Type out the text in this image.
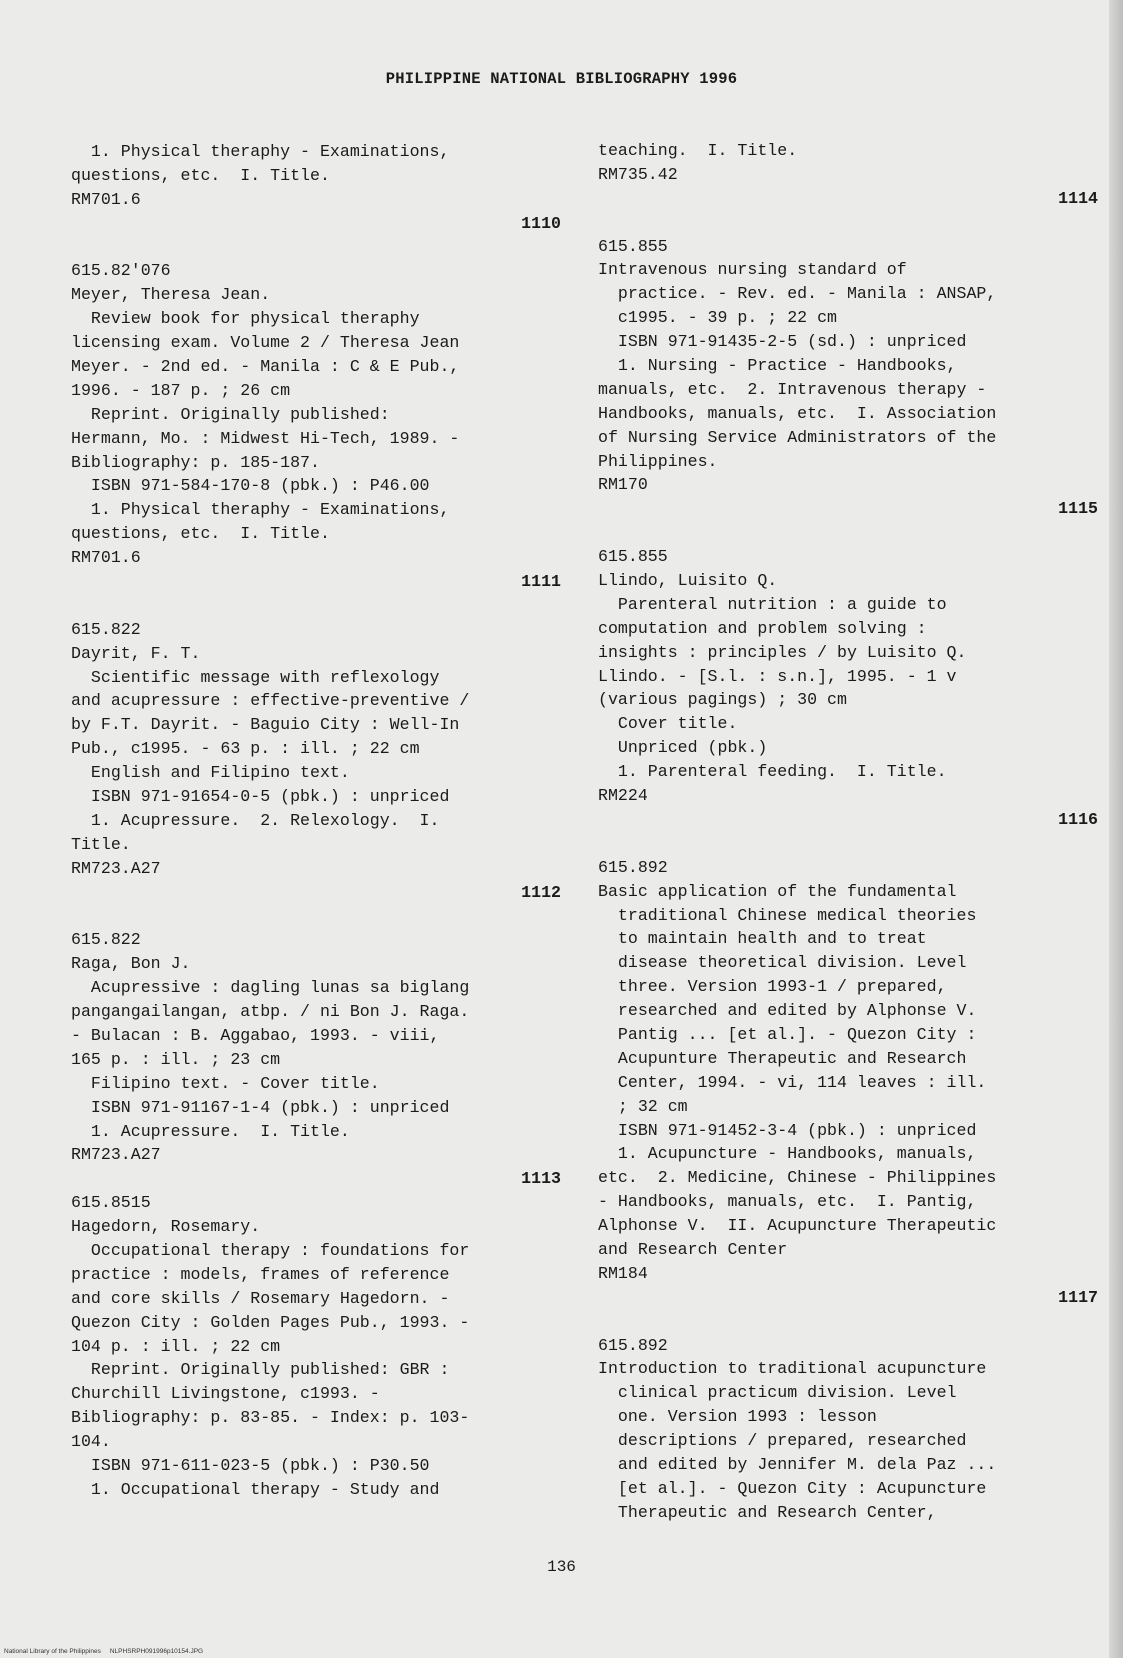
PHILIPPINE NATIONAL BIBLIOGRAPHY 1996
1. Physical theraphy - Examinations,
questions, etc.  I. Title.
RM701.6
1110
615.82'076
Meyer, Theresa Jean.
Review book for physical theraphy
licensing exam. Volume 2 / Theresa Jean
Meyer. - 2nd ed. - Manila : C & E Pub.,
1996. - 187 p. ; 26 cm
Reprint. Originally published:
Hermann, Mo. : Midwest Hi-Tech, 1989. -
Bibliography: p. 185-187.
ISBN 971-584-170-8 (pbk.) : P46.00
1. Physical theraphy - Examinations,
questions, etc.  I. Title.
RM701.6
1111
615.822
Dayrit, F. T.
Scientific message with reflexology
and acupressure : effective-preventive /
by F.T. Dayrit. - Baguio City : Well-In
Pub., c1995. - 63 p. : ill. ; 22 cm
English and Filipino text.
ISBN 971-91654-0-5 (pbk.) : unpriced
1. Acupressure.  2. Relexology.  I.
Title.
RM723.A27
1112
615.822
Raga, Bon J.
Acupressive : dagling lunas sa biglang
pangangailangan, atbp. / ni Bon J. Raga.
- Bulacan : B. Aggabao, 1993. - viii,
165 p. : ill. ; 23 cm
Filipino text. - Cover title.
ISBN 971-91167-1-4 (pbk.) : unpriced
1. Acupressure.  I. Title.
RM723.A27
1113
615.8515
Hagedorn, Rosemary.
Occupational therapy : foundations for
practice : models, frames of reference
and core skills / Rosemary Hagedorn. -
Quezon City : Golden Pages Pub., 1993. -
104 p. : ill. ; 22 cm
Reprint. Originally published: GBR :
Churchill Livingstone, c1993. -
Bibliography: p. 83-85. - Index: p. 103-
104.
ISBN 971-611-023-5 (pbk.) : P30.50
1. Occupational therapy - Study and
teaching.  I. Title.
RM735.42
1114
615.855
Intravenous nursing standard of
practice. - Rev. ed. - Manila : ANSAP,
c1995. - 39 p. ; 22 cm
ISBN 971-91435-2-5 (sd.) : unpriced
1. Nursing - Practice - Handbooks,
manuals, etc.  2. Intravenous therapy -
Handbooks, manuals, etc.  I. Association
of Nursing Service Administrators of the
Philippines.
RM170
1115
615.855
Llindo, Luisito Q.
Parenteral nutrition : a guide to
computation and problem solving :
insights : principles / by Luisito Q.
Llindo. - [S.l. : s.n.], 1995. - 1 v
(various pagings) ; 30 cm
Cover title.
Unpriced (pbk.)
1. Parenteral feeding.  I. Title.
RM224
1116
615.892
Basic application of the fundamental
traditional Chinese medical theories
to maintain health and to treat
disease theoretical division. Level
three. Version 1993-1 / prepared,
researched and edited by Alphonse V.
Pantig ... [et al.]. - Quezon City :
Acupunture Therapeutic and Research
Center, 1994. - vi, 114 leaves : ill.
; 32 cm
ISBN 971-91452-3-4 (pbk.) : unpriced
1. Acupuncture - Handbooks, manuals,
etc.  2. Medicine, Chinese - Philippines
- Handbooks, manuals, etc.  I. Pantig,
Alphonse V.  II. Acupuncture Therapeutic
and Research Center
RM184
1117
615.892
Introduction to traditional acupuncture
clinical practicum division. Level
one. Version 1993 : lesson
descriptions / prepared, researched
and edited by Jennifer M. dela Paz ...
[et al.]. - Quezon City : Acupuncture
Therapeutic and Research Center,
136
National Library of the Philippines     NLPHSRPH091996p10154.JPG
